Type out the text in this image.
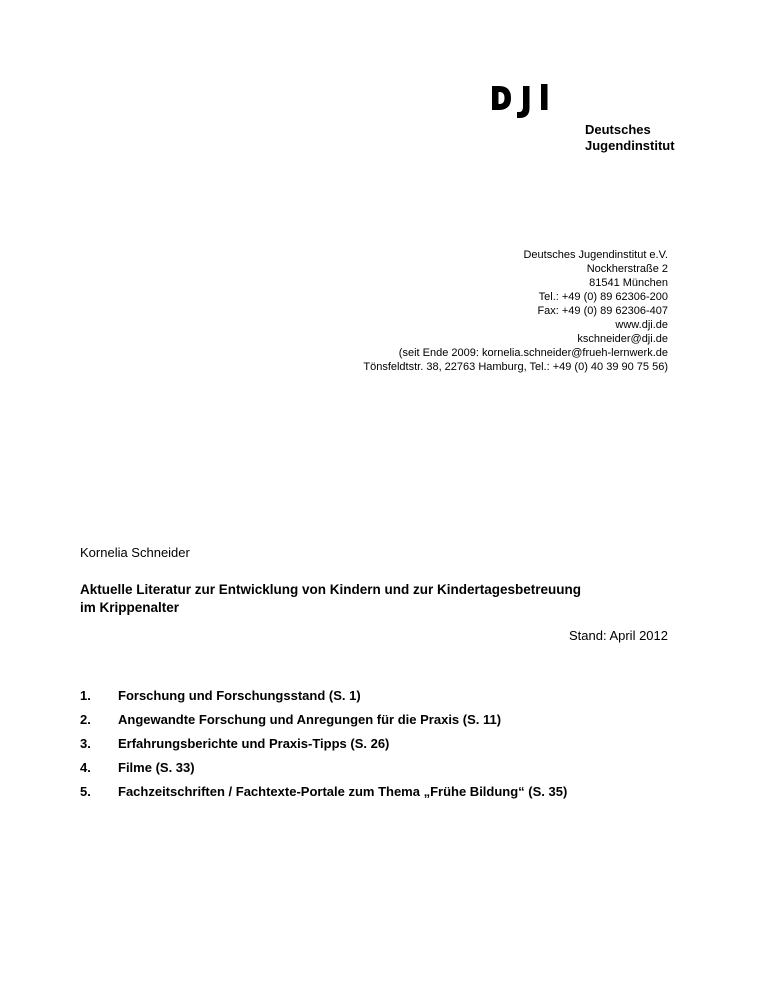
Deutsches
Jugendinstitut
Deutsches Jugendinstitut e.V.
Nockherstraße 2
81541 München
Tel.: +49 (0) 89 62306-200
Fax: +49 (0) 89 62306-407
www.dji.de
kschneider@dji.de
(seit Ende 2009: kornelia.schneider@frueh-lernwerk.de
Tönsfeldtstr. 38, 22763 Hamburg, Tel.: +49 (0) 40 39 90 75 56)
Kornelia Schneider
Aktuelle Literatur zur Entwicklung von Kindern und zur Kindertagesbetreuung
im Krippenalter
Stand: April 2012
1.	Forschung und Forschungsstand (S. 1)
2.	Angewandte Forschung und Anregungen für die Praxis (S. 11)
3.	Erfahrungsberichte und Praxis-Tipps (S. 26)
4.	Filme (S. 33)
5.	Fachzeitschriften / Fachtexte-Portale zum Thema „Frühe Bildung“ (S. 35)
